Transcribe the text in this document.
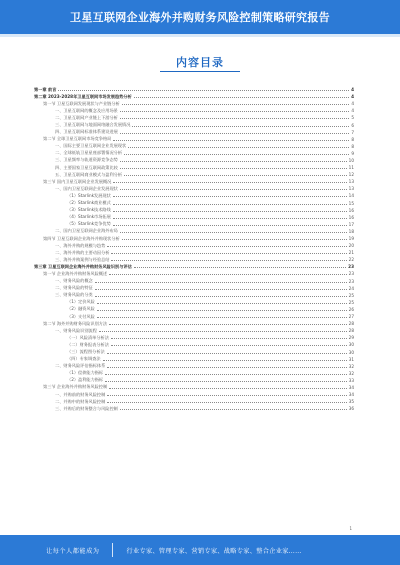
卫星互联网企业海外并购财务风险控制策略研究报告
内容目录
第一章 前言	4
第二章 2023-2028年卫星互联网市场发展趋势分析	4
第一节 卫星互联网发展现状与产业链分析	4
一、卫星互联网的概念及应用场景	4
二、卫星互联网产业链上下游分析	5
三、卫星互联网与地面网络融合发展情况	6
四、卫星互联网标准体系建设进展	7
第二节 全球卫星互联网市场竞争格局	8
一、国际主要卫星互联网企业发展现状	8
二、全球低轨卫星星座部署情况分析	9
三、卫星频率与轨道资源竞争态势	10
四、主要国家卫星互联网政策比较	11
五、卫星互联网商业模式与盈利分析	12
第三节 国内卫星互联网企业发展概况	13
一、国内卫星互联网企业发展现状	13
（1）Starlink发展现状	14
（2）Starlink商业模式	15
（3）Starlink技术路线	16
（4）Starlink市场拓展	16
（5）Starlink竞争优势	17
二、国内卫星互联网企业海外布局	18
第四节 卫星互联网企业海外并购现状分析	19
一、海外并购的规模与趋势	20
二、海外并购的主要动因分析	21
三、海外并购案例与经验总结	22
第三章 卫星互联网企业海外并购财务风险识别与评估	23
第一节 企业海外并购财务风险概述	23
一、财务风险的概念	23
二、财务风险的特征	24
三、财务风险的分类	25
（1）定价风险	25
（2）融资风险	26
（3）支付风险	27
第二节 海外并购财务风险识别方法	28
一、财务风险识别流程	28
（一）风险清单分析法	29
（二）财务报表分析法	30
（三）流程图分析法	30
（四）专家调查法	31
二、财务风险评估指标体系	32
（1）偿债能力指标	32
（2）盈利能力指标	33
第三节 企业海外并购财务风险控制	34
一、并购前的财务风险控制	34
二、并购中的财务风险控制	35
三、并购后的财务整合与风险控制	36
1
让每个人都能成为	行业专家、管理专家、营销专家、战略专家、整合企业家……
